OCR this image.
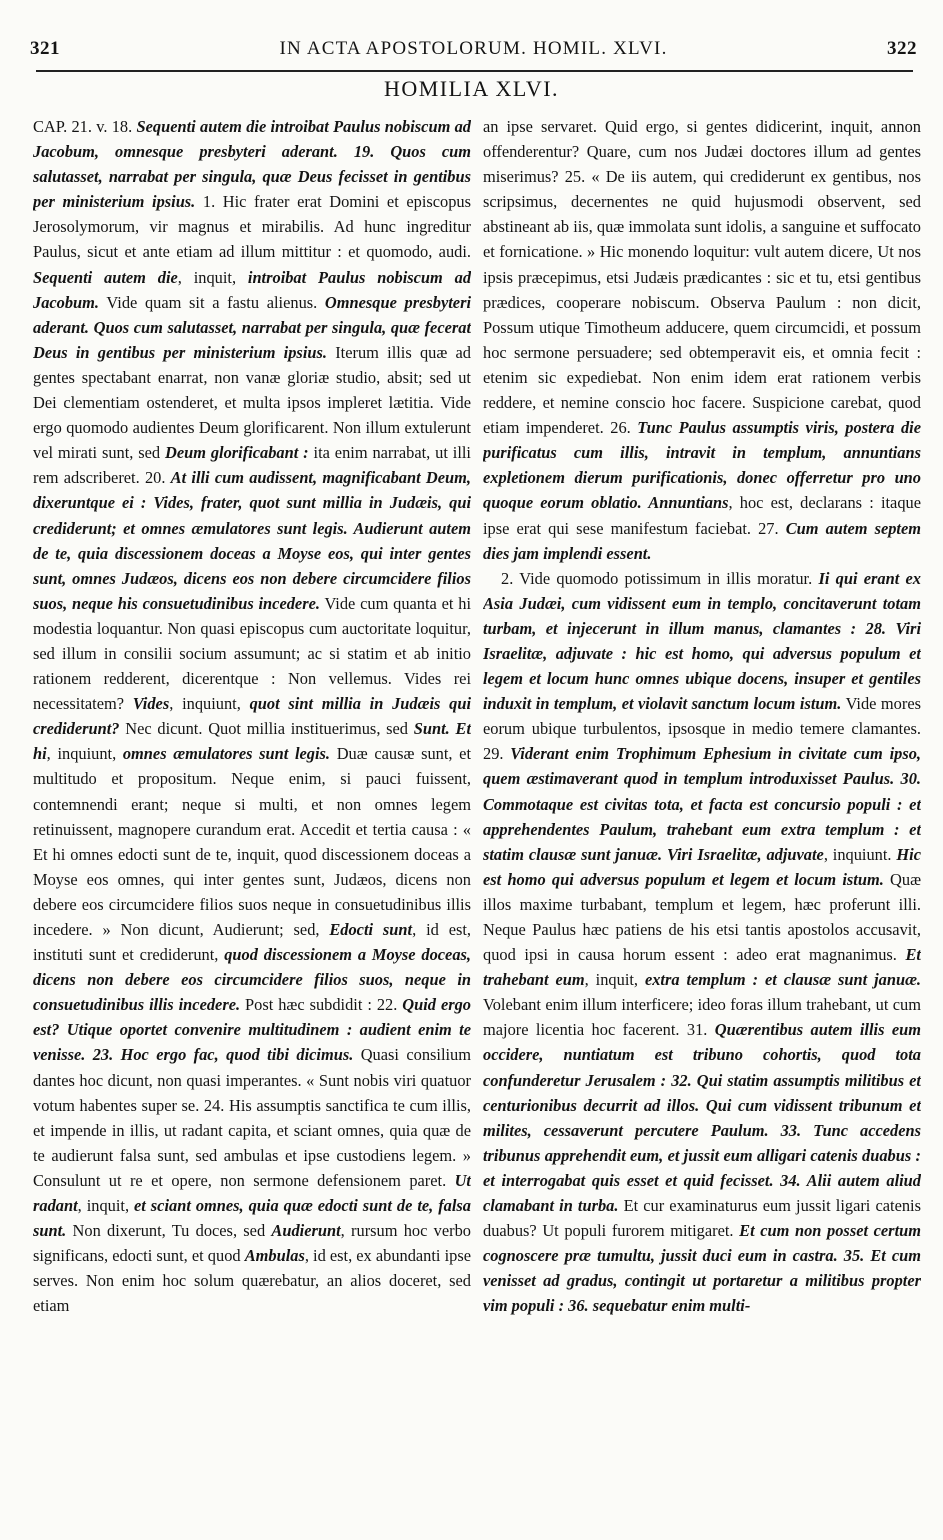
321	IN ACTA APOSTOLORUM. HOMIL. XLVI.	322
HOMILIA XLVI.

CAP. 21. v. 18. Sequenti autem die introibat Paulus nobiscum ad Jacobum, omnesque presbyteri aderant. 19. Quos cum salutasset, narrabat per singula, quæ Deus fecisset in gentibus per ministerium ipsius. 1. Hic frater erat Domini et episcopus Jerosolymorum, vir magnus et mirabilis. Ad hunc ingreditur Paulus, sicut et ante etiam ad illum mittitur : et quomodo, audi. Sequenti autem die, inquit, introibat Paulus nobiscum ad Jacobum. Vide quam sit a fastu alienus. Omnesque presbyteri aderant. Quos cum salutasset, narrabat per singula, quæ fecerat Deus in gentibus per ministerium ipsius. Iterum illis quæ ad gentes spectabant enarrat, non vanæ gloriæ studio, absit; sed ut Dei clementiam ostenderet, et multa ipsos impleret lætitia. Vide ergo quomodo audientes Deum glorificarent. Non illum extulerunt vel mirati sunt, sed Deum glorificabant : ita enim narrabat, ut illi rem adscriberet. 20. At illi cum audissent, magnificabant Deum, dixeruntque ei : Vides, frater, quot sunt millia in Judæis, qui crediderunt; et omnes æmulatores sunt legis. Audierunt autem de te, quia discessionem doceas a Moyse eos, qui inter gentes sunt, omnes Judæos, dicens eos non debere circumcidere filios suos, neque his consuetudinibus incedere. Vide cum quanta et hi modestia loquantur. Non quasi episcopus cum auctoritate loquitur, sed illum in consilii socium assumunt; ac si statim et ab initio rationem redderent, dicerentque : Non vellemus. Vides rei necessitatem? Vides, inquiunt, quot sint millia in Judæis qui crediderunt? Nec dicunt. Quot millia instituerimus, sed Sunt. Et hi, inquiunt, omnes æmulatores sunt legis. Duæ causæ sunt, et multitudo et propositum. Neque enim, si pauci fuissent, contemnendi erant; neque si multi, et non omnes legem retinuissent, magnopere curandum erat. Accedit et tertia causa : « Et hi omnes edocti sunt de te, inquit, quod discessionem doceas a Moyse eos omnes, qui inter gentes sunt, Judæos, dicens non debere eos circumcidere filios suos neque in consuetudinibus illis incedere. » Non dicunt, Audierunt; sed, Edocti sunt, id est, instituti sunt et crediderunt, quod discessionem a Moyse doceas, dicens non debere eos circumcidere filios suos, neque in consuetudinibus illis incedere. Post hæc subdidit : 22. Quid ergo est? Utique oportet convenire multitudinem : audient enim te venisse. 23. Hoc ergo fac, quod tibi dicimus. Quasi consilium dantes hoc dicunt, non quasi imperantes. « Sunt nobis viri quatuor votum habentes super se. 24. His assumptis sanctifica te cum illis, et impende in illis, ut radant capita, et sciant omnes, quia quæ de te audierunt falsa sunt, sed ambulas et ipse custodiens legem. » Consulunt ut re et opere, non sermone defensionem paret. Ut radant, inquit, et sciant omnes, quia quæ edocti sunt de te, falsa sunt. Non dixerunt, Tu doces, sed Audierunt, rursum hoc verbo significans, edocti sunt, et quod Ambulas, id est, ex abundanti ipse serves. Non enim hoc solum quærebatur, an alios doceret, sed etiam

an ipse servaret. Quid ergo, si gentes didicerint, inquit, annon offenderentur? Quare, cum nos Judæi doctores illum ad gentes miserimus? 25. « De iis autem, qui crediderunt ex gentibus, nos scripsimus, decernentes ne quid hujusmodi observent, sed abstineant ab iis, quæ immolata sunt idolis, a sanguine et suffocato et fornicatione. » Hic monendo loquitur: vult autem dicere, Ut nos ipsis præcepimus, etsi Judæis prædicantes : sic et tu, etsi gentibus prædices, cooperare nobiscum. Observa Paulum : non dicit, Possum utique Timotheum adducere, quem circumcidi, et possum hoc sermone persuadere; sed obtemperavit eis, et omnia fecit : etenim sic expediebat. Non enim idem erat rationem verbis reddere, et nemine conscio hoc facere. Suspicione carebat, quod etiam impenderet. 26. Tunc Paulus assumptis viris, postera die purificatus cum illis, intravit in templum, annuntians expletionem dierum purificationis, donec offerretur pro uno quoque eorum oblatio. Annuntians, hoc est, declarans : itaque ipse erat qui sese manifestum faciebat. 27. Cum autem septem dies jam implendi essent.

2. Vide quomodo potissimum in illis moratur. Ii qui erant ex Asia Judæi, cum vidissent eum in templo, concitaverunt totam turbam, et injecerunt in illum manus, clamantes : 28. Viri Israelitæ, adjuvate : hic est homo, qui adversus populum et legem et locum hunc omnes ubique docens, insuper et gentiles induxit in templum, et violavit sanctum locum istum. Vide mores eorum ubique turbulentos, ipsosque in medio temere clamantes. 29. Viderant enim Trophimum Ephesium in civitate cum ipso, quem æstimaverant quod in templum introduxisset Paulus. 30. Commotaque est civitas tota, et facta est concursio populi : et apprehendentes Paulum, trahebant eum extra templum : et statim clausæ sunt januæ. Viri Israelitæ, adjuvate, inquiunt. Hic est homo qui adversus populum et legem et locum istum. Quæ illos maxime turbabant, templum et legem, hæc proferunt illi. Neque Paulus hæc patiens de his etsi tantis apostolos accusavit, quod ipsi in causa horum essent : adeo erat magnanimus. Et trahebant eum, inquit, extra templum : et clausæ sunt januæ. Volebant enim illum interficere; ideo foras illum trahebant, ut cum majore licentia hoc facerent. 31. Quærentibus autem illis eum occidere, nuntiatum est tribuno cohortis, quod tota confunderetur Jerusalem : 32. Qui statim assumptis militibus et centurionibus decurrit ad illos. Qui cum vidissent tribunum et milites, cessaverunt percutere Paulum. 33. Tunc accedens tribunus apprehendit eum, et jussit eum alligari catenis duabus : et interrogabat quis esset et quid fecisset. 34. Alii autem aliud clamabant in turba. Et cur examinaturus eum jussit ligari catenis duabus? Ut populi furorem mitigaret. Et cum non posset certum cognoscere præ tumultu, jussit duci eum in castra. 35. Et cum venisset ad gradus, contingit ut portaretur a militibus propter vim populi : 36. sequebatur enim multi-
